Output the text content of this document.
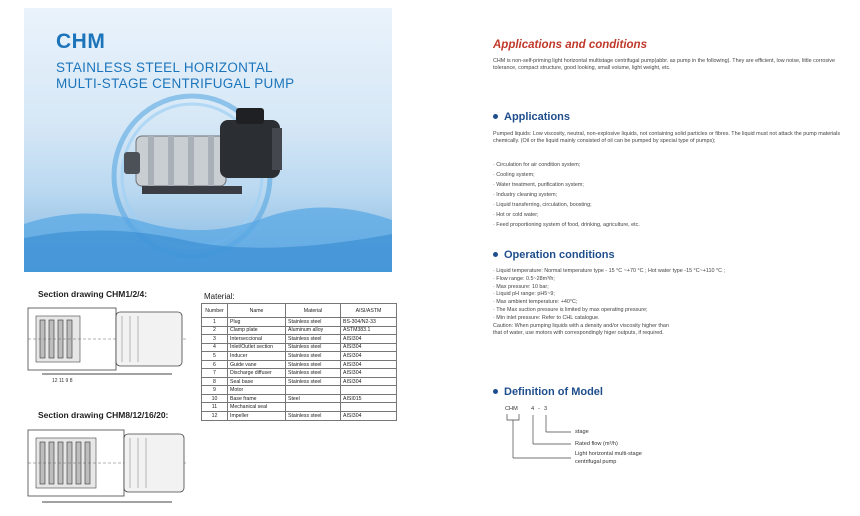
CHM
STAINLESS STEEL HORIZONTAL
MULTI-STAGE CENTRIFUGAL PUMP
Section drawing CHM1/2/4:
12 11 9 8
Section drawing CHM8/12/16/20:
Material:
Number	Name	Material	AISI/ASTM
1	Plug	Stainless steel	BS-304/N2-33
2	Clamp plate	Aluminum alloy	ASTM383.1
3	Interseccional	Stainless steel	AISI304
4	Inlet/Outlet section	Stainless steel	AISI304
5	Inducer	Stainless steel	AISI304
6	Guide vane	Stainless steel	AISI304
7	Discharge diffuser	Stainless steel	AISI304
8	Seal base	Stainless steel	AISI304
9	Motor		
10	Base frame	Steel	AISI015
11	Mechanical seal		
12	Impeller	Stainless steel	AISI304
Applications and conditions
CHM is non-self-priming light horizontal multistage centrifugal pump(abbr. as pump in the following). They are efficient, low noise, little corrosive tolerance, compact structure, good looking, small volume, light weight, etc.
Applications
Pumped liquids: Low viscosity, neutral, non-explosive liquids, not containing solid particles or fibres. The liquid must not attack the pump materials chemically. (Oil or the liquid mainly consisted of oil can be pumped by special type of pumps);
· Circulation for air condition system;
· Cooling system;
· Water treatment, purification system;
· Industry cleaning system;
· Liquid transferring, circulation, boosting;
· Hot or cold water;
· Feed proportioning system of food, drinking, agriculture, etc.
Operation conditions
· Liquid temperature: Normal temperature type - 15 °C ~+70 °C ; Hot water type -15 °C~+110 °C ;
· Flow range: 0.5~28m³/h;
· Max pressure: 10 bar;
· Liquid pH range: pH5~9;
· Max ambient temperature: +40°C;
· The Max suction pressure is limited by max operating pressure;
· Min inlet pressure: Refer to CHL catalogue.
Caution: When pumping liquids with a density and/or viscosity higher than
that of water, use motors with correspondingly higer outputs, if required.
Definition of Model
CHM 4 - 3
stage
Rated flow (m³/h)
Light horizontal multi-stage
centrifugal pump
